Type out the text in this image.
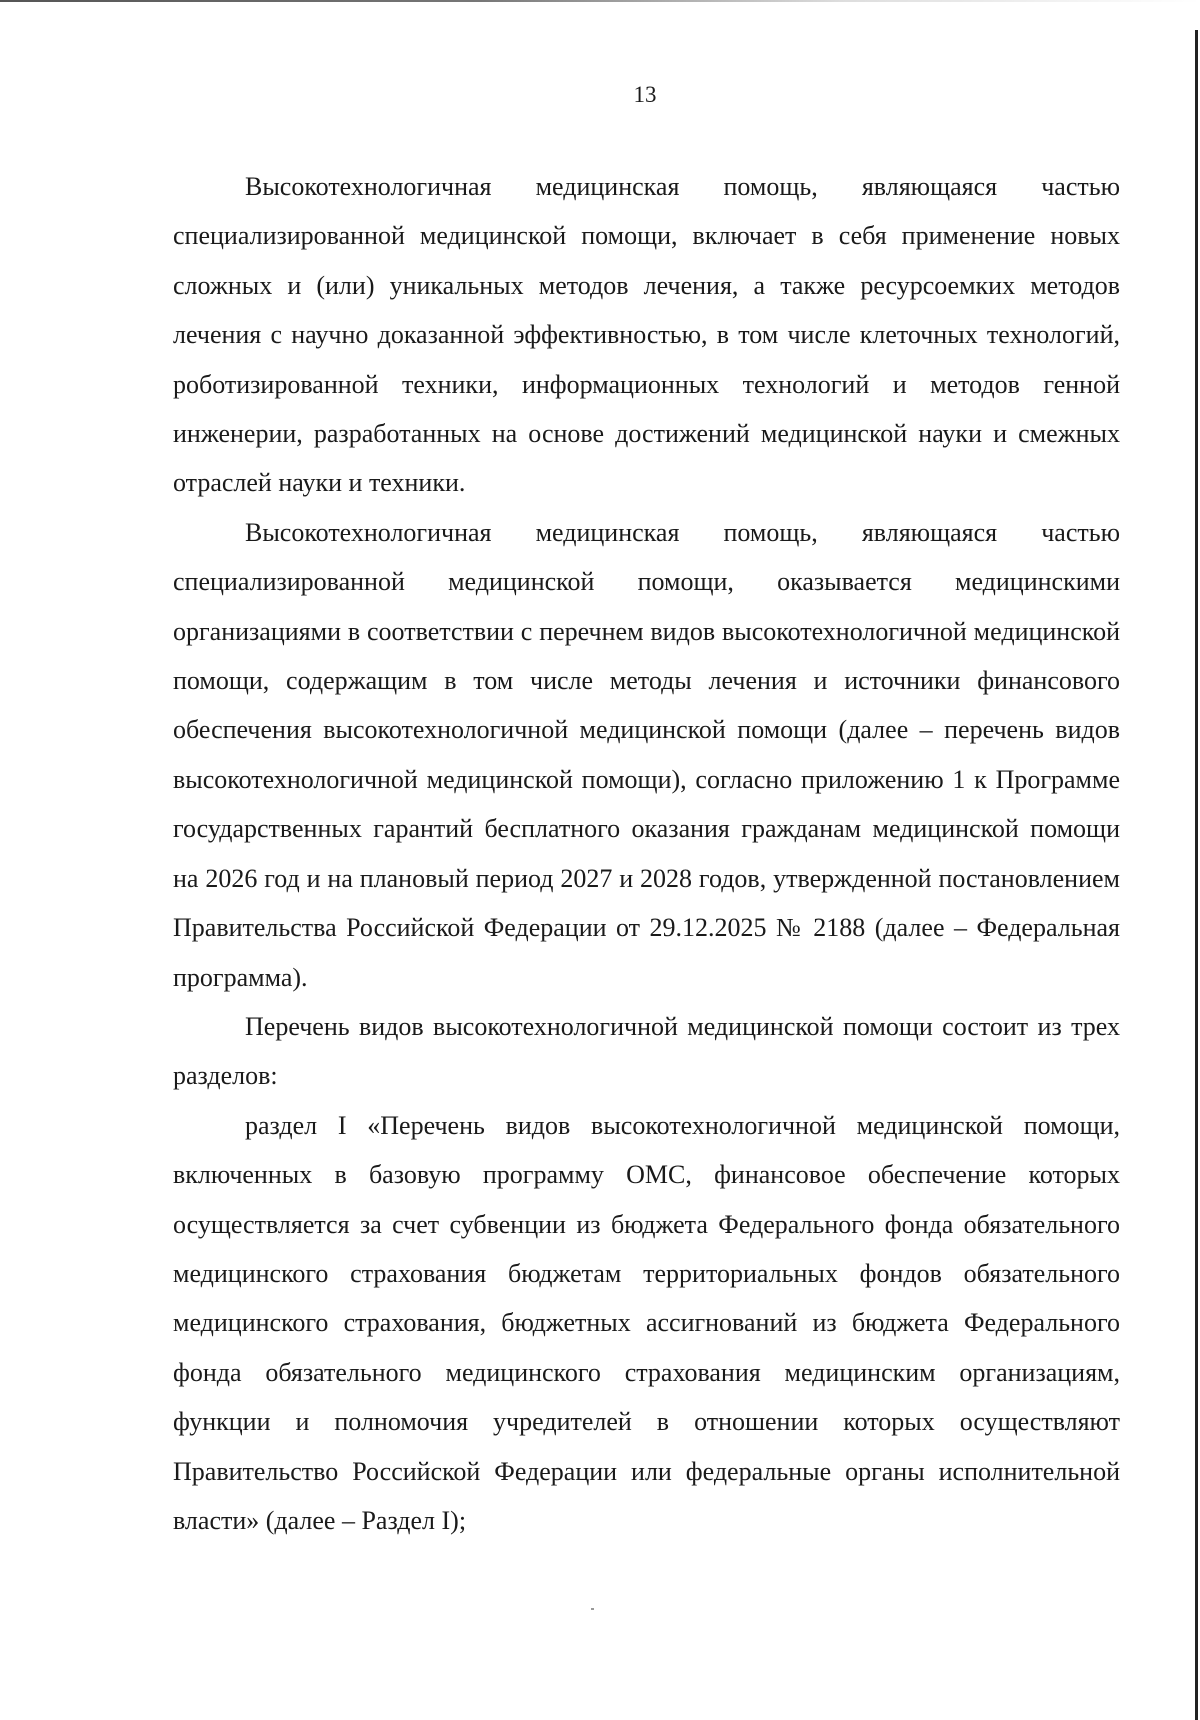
13

Высокотехнологичная медицинская помощь, являющаяся частью специализированной медицинской помощи, включает в себя применение новых сложных и (или) уникальных методов лечения, а также ресурсоемких методов лечения с научно доказанной эффективностью, в том числе клеточных технологий, роботизированной техники, информационных технологий и методов генной инженерии, разработанных на основе достижений медицинской науки и смежных отраслей науки и техники.

Высокотехнологичная медицинская помощь, являющаяся частью специализированной медицинской помощи, оказывается медицинскими организациями в соответствии с перечнем видов высокотехнологичной медицинской помощи, содержащим в том числе методы лечения и источники финансового обеспечения высокотехнологичной медицинской помощи (далее – перечень видов высокотехнологичной медицинской помощи), согласно приложению 1 к Программе государственных гарантий бесплатного оказания гражданам медицинской помощи на 2026 год и на плановый период 2027 и 2028 годов, утвержденной постановлением Правительства Российской Федерации от 29.12.2025 № 2188 (далее – Федеральная программа).

Перечень видов высокотехнологичной медицинской помощи состоит из трех разделов:

раздел I «Перечень видов высокотехнологичной медицинской помощи, включенных в базовую программу ОМС, финансовое обеспечение которых осуществляется за счет субвенции из бюджета Федерального фонда обязательного медицинского страхования бюджетам территориальных фондов обязательного медицинского страхования, бюджетных ассигнований из бюджета Федерального фонда обязательного медицинского страхования медицинским организациям, функции и полномочия учредителей в отношении которых осуществляют Правительство Российской Федерации или федеральные органы исполнительной власти» (далее – Раздел I);
